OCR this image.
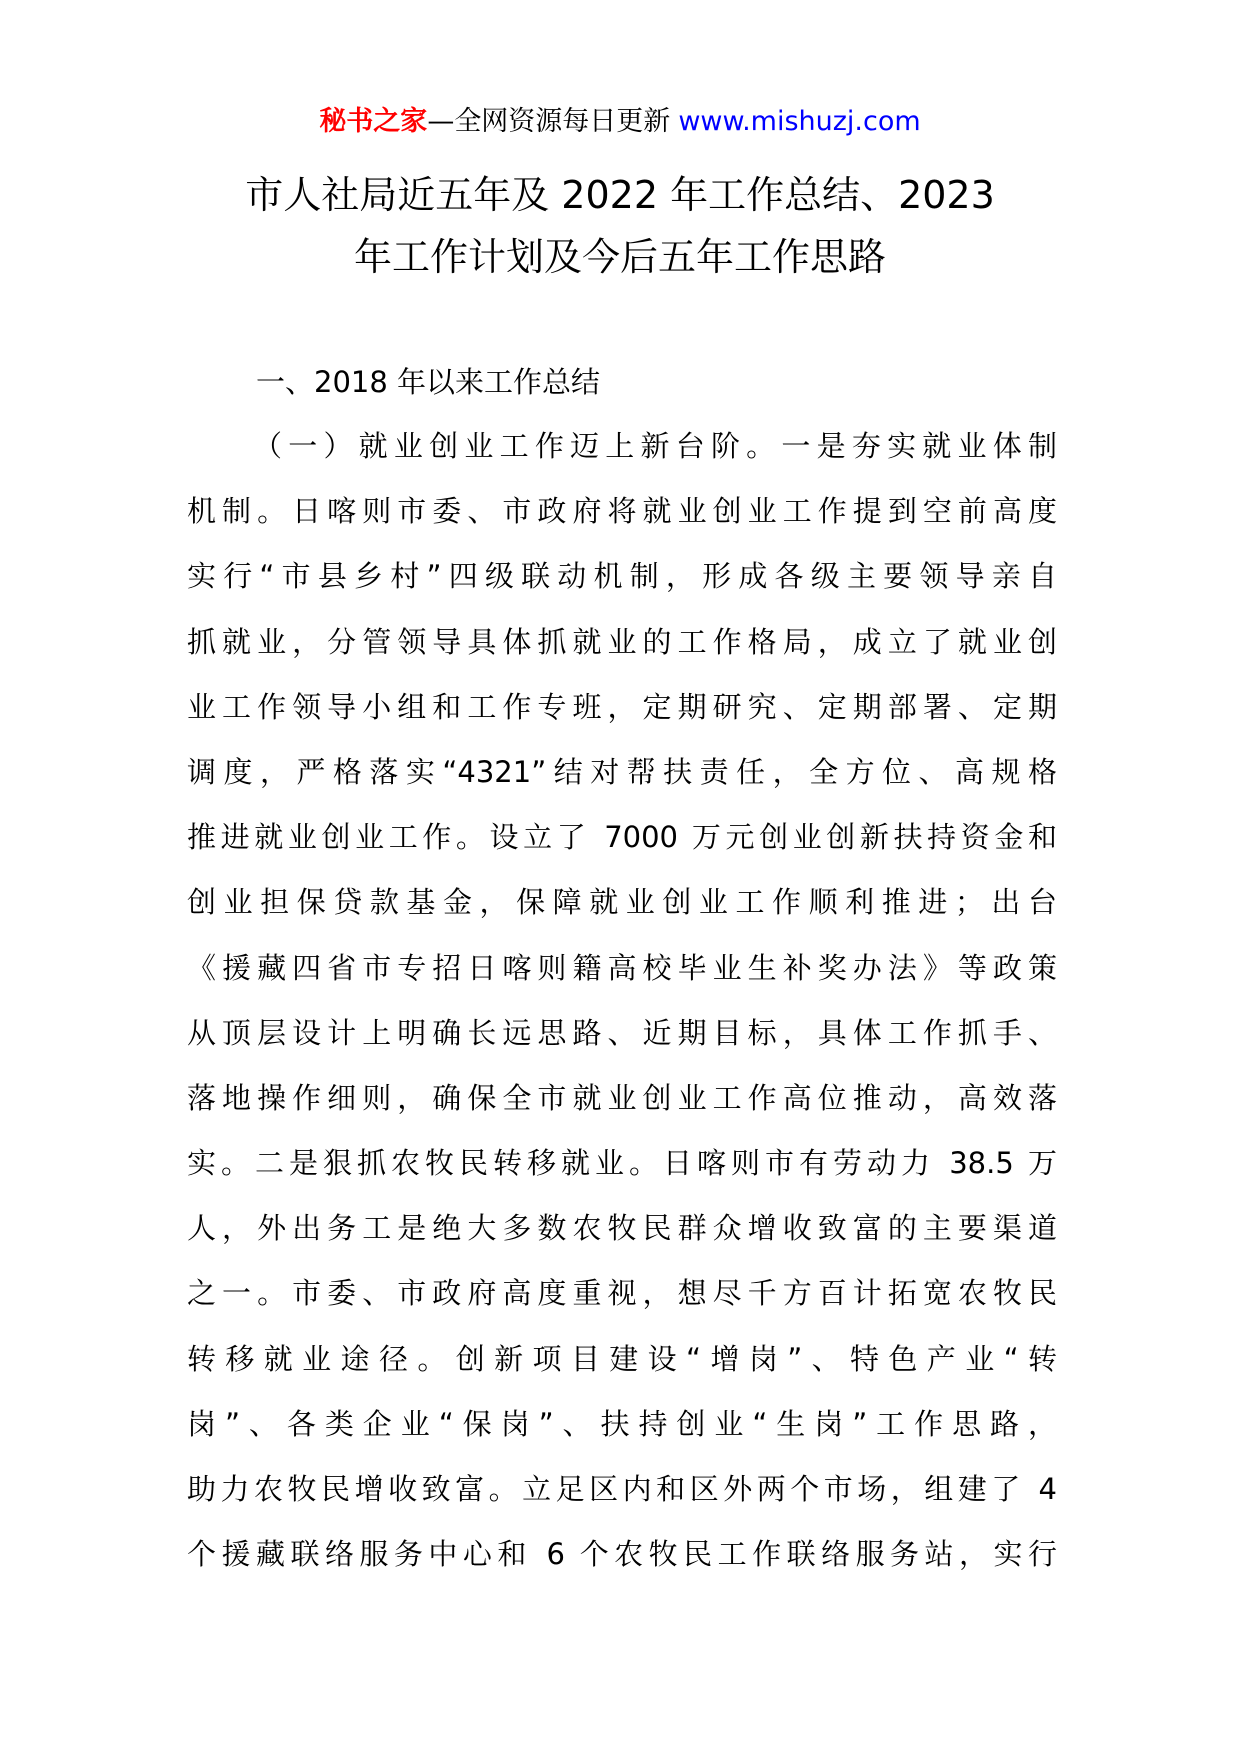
秘书之家—全网资源每日更新 www.mishuzj.com
市人社局近五年及 2022 年工作总结、2023
年工作计划及今后五年工作思路
一、2018 年以来工作总结
（一）就业创业工作迈上新台阶。一是夯实就业体制
机制。日喀则市委、市政府将就业创业工作提到空前高度
实行“市县乡村”四级联动机制，形成各级主要领导亲自
抓就业，分管领导具体抓就业的工作格局，成立了就业创
业工作领导小组和工作专班，定期研究、定期部署、定期
调度，严格落实“4321”结对帮扶责任，全方位、高规格
推进就业创业工作。设立了 7000 万元创业创新扶持资金和
创业担保贷款基金，保障就业创业工作顺利推进；出台
《援藏四省市专招日喀则籍高校毕业生补奖办法》等政策
从顶层设计上明确长远思路、近期目标，具体工作抓手、
落地操作细则，确保全市就业创业工作高位推动，高效落
实。二是狠抓农牧民转移就业。日喀则市有劳动力 38.5 万
人，外出务工是绝大多数农牧民群众增收致富的主要渠道
之一。市委、市政府高度重视，想尽千方百计拓宽农牧民
转移就业途径。创新项目建设“增岗”、特色产业“转
岗”、各类企业“保岗”、扶持创业“生岗”工作思路，
助力农牧民增收致富。立足区内和区外两个市场，组建了 4
个援藏联络服务中心和 6 个农牧民工作联络服务站，实行
